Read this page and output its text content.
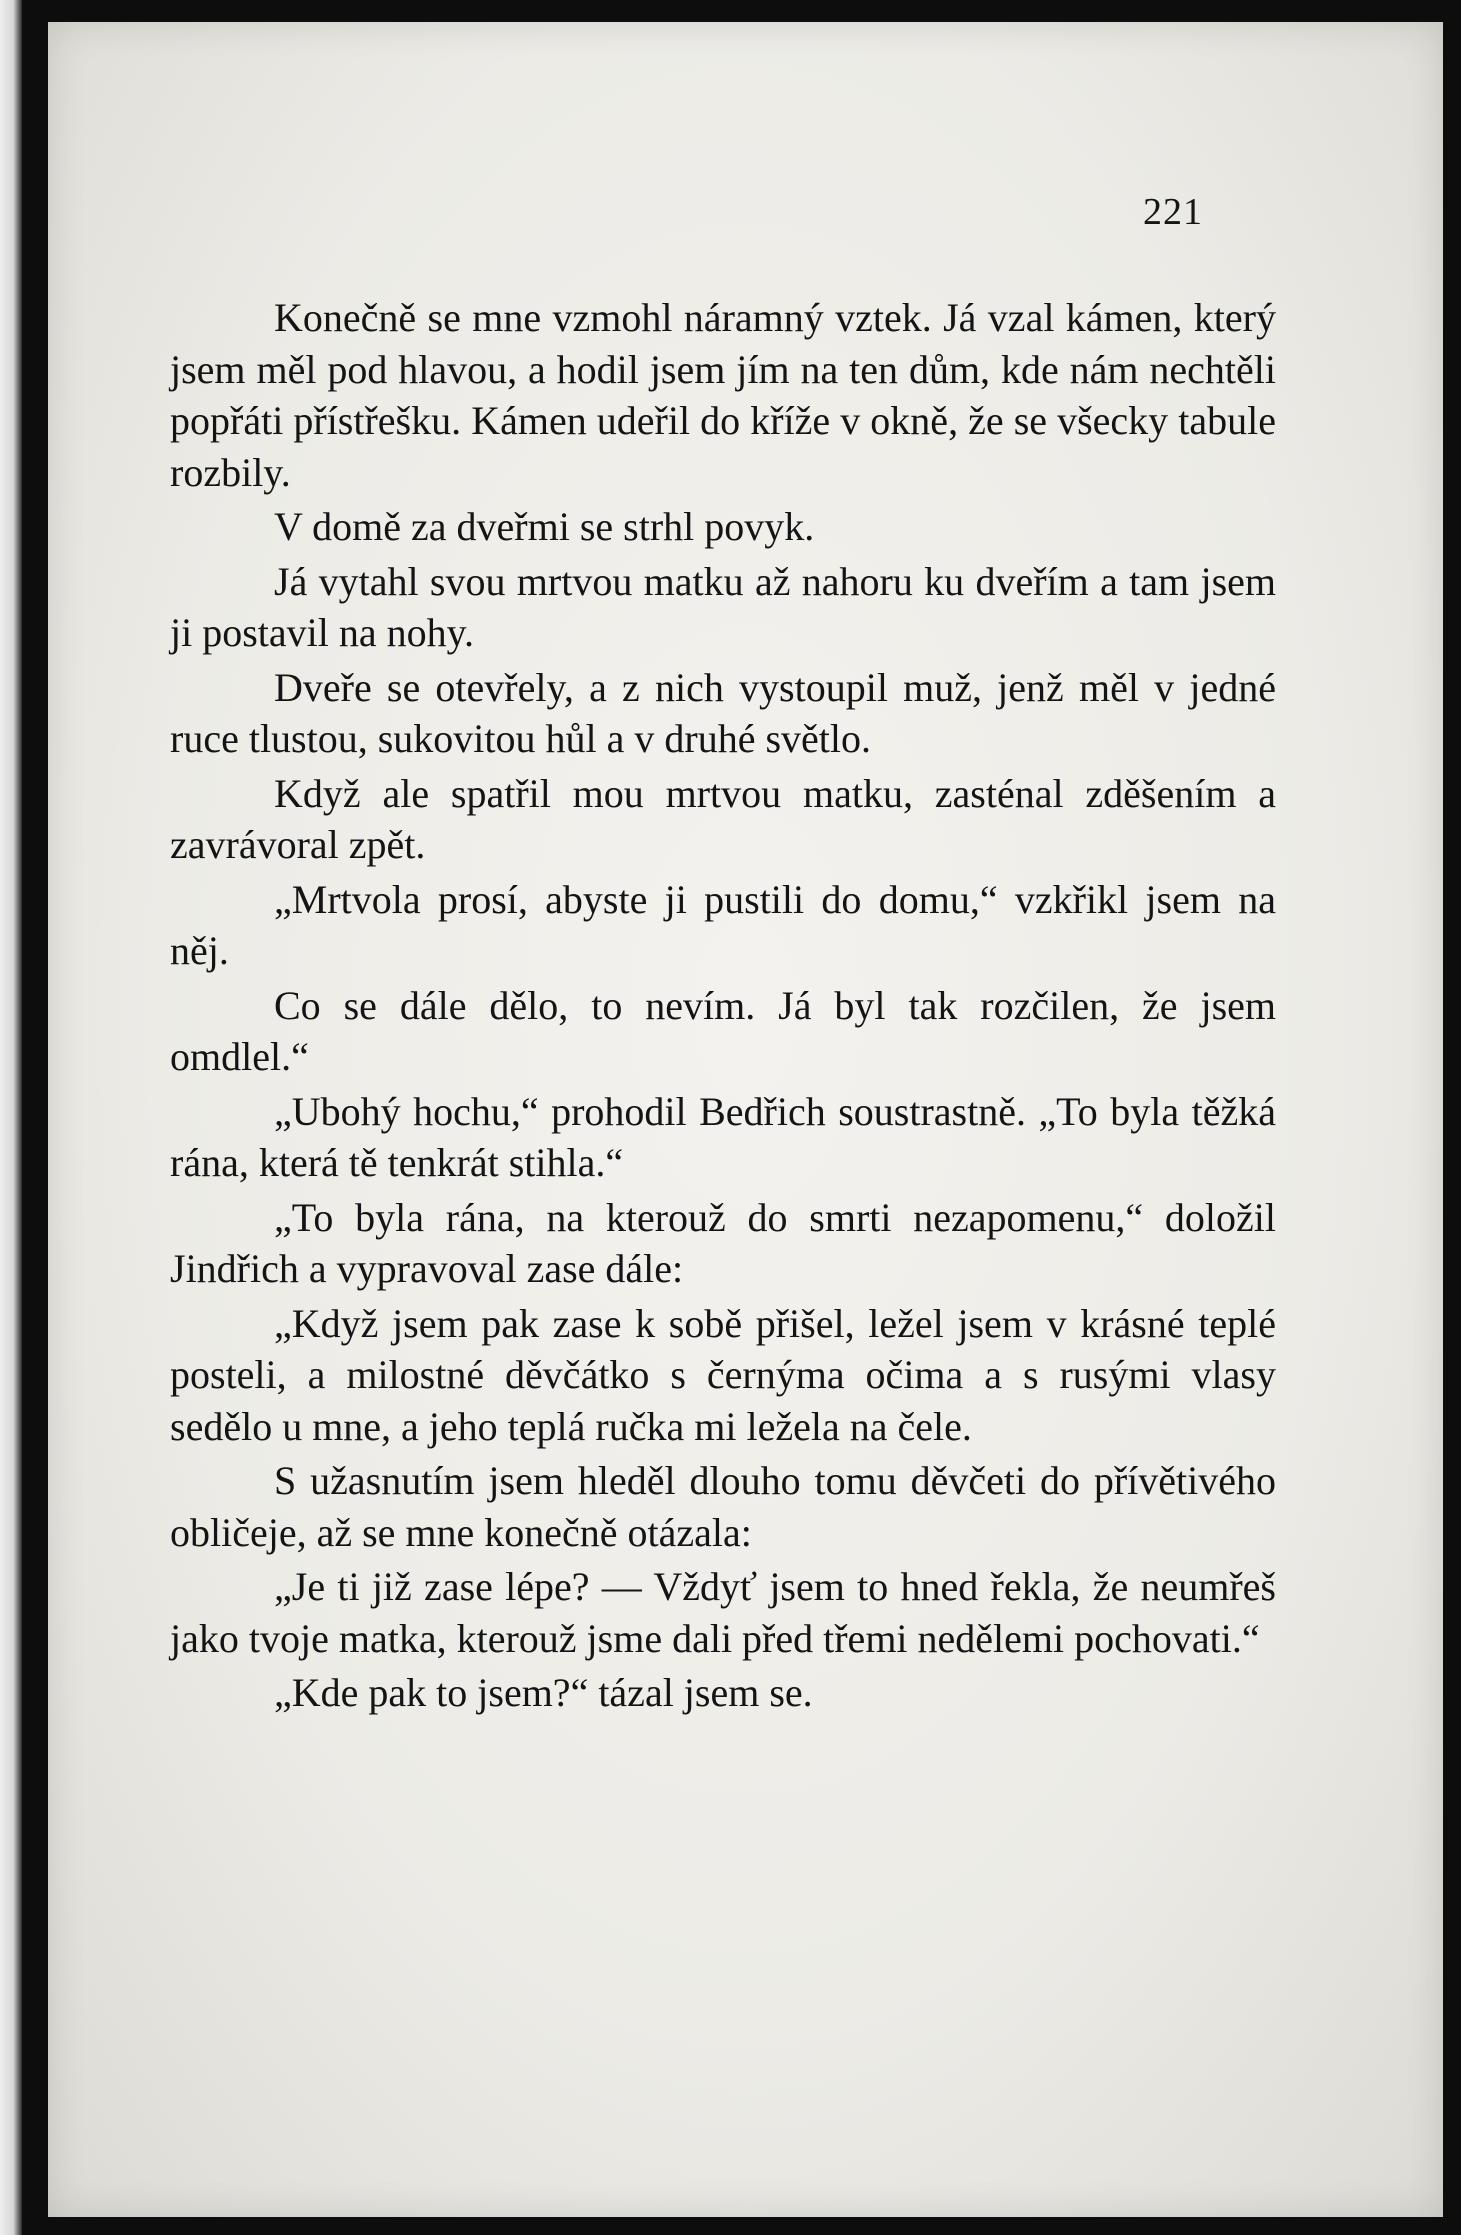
221

Konečně se mne vzmohl náramný vztek. Já vzal kámen, který jsem měl pod hlavou, a hodil jsem jím na ten dům, kde nám nechtěli popřáti přístřešku. Kámen udeřil do kříže v okně, že se všecky tabule rozbily.

V domě za dveřmi se strhl povyk.

Já vytahl svou mrtvou matku až nahoru ku dveřím a tam jsem ji postavil na nohy.

Dveře se otevřely, a z nich vystoupil muž, jenž měl v jedné ruce tlustou, sukovitou hůl a v druhé světlo.

Když ale spatřil mou mrtvou matku, zasténal zděšením a zavrávoral zpět.

„Mrtvola prosí, abyste ji pustili do domu,“ vzkřikl jsem na něj.

Co se dále dělo, to nevím. Já byl tak rozčilen, že jsem omdlel.“

„Ubohý hochu,“ prohodil Bedřich soustrastně. „To byla těžká rána, která tě tenkrát stihla.“

„To byla rána, na kterouž do smrti nezapomenu,“ doložil Jindřich a vypravoval zase dále:

„Když jsem pak zase k sobě přišel, ležel jsem v krásné teplé posteli, a milostné děvčátko s černýma očima a s rusými vlasy sedělo u mne, a jeho teplá ručka mi ležela na čele.

S užasnutím jsem hleděl dlouho tomu děvčeti do přívětivého obličeje, až se mne konečně otázala:

„Je ti již zase lépe? — Vždyť jsem to hned řekla, že neumřeš jako tvoje matka, kterouž jsme dali před třemi nedělemi pochovati.“

„Kde pak to jsem?“ tázal jsem se.
